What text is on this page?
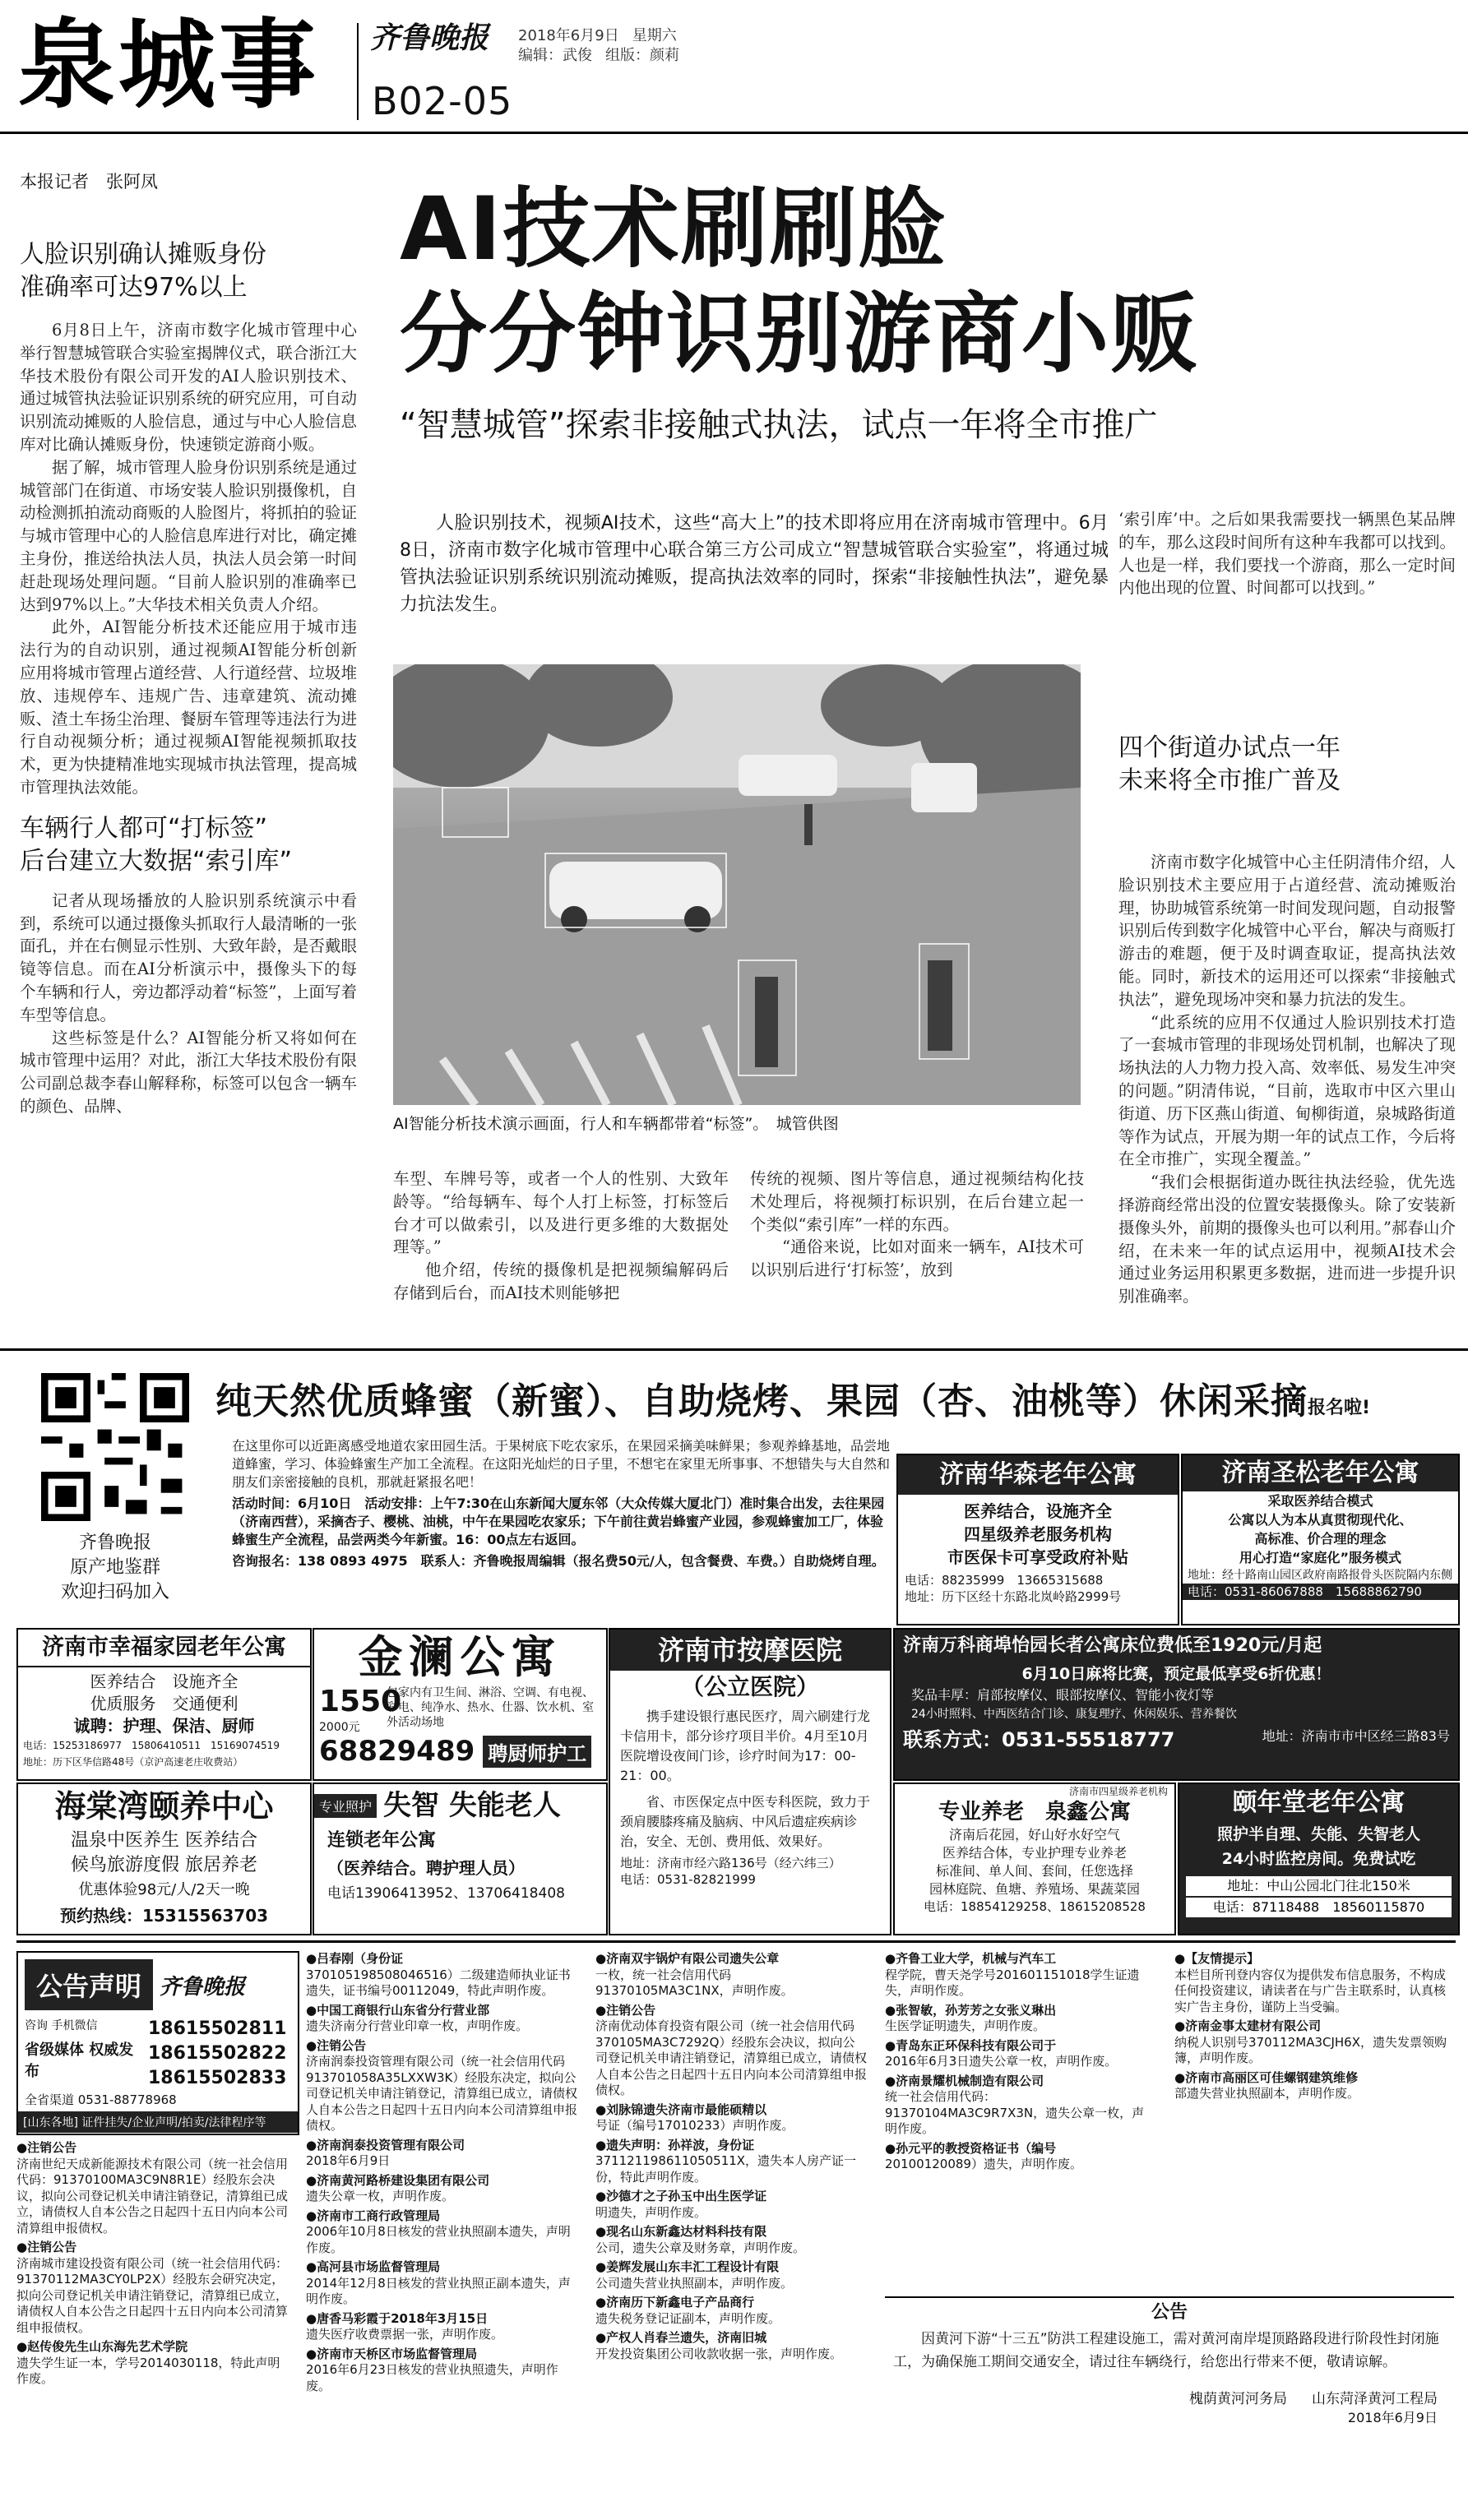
泉城事 齐鲁晚报 2018年6月9日 星期六
编辑：武俊 组版：颜莉
B02-05
本报记者　张阿凤
人脸识别确认摊贩身份
准确率可达97%以上

6月8日上午，济南市数字化城市管理中心举行智慧城管联合实验室揭牌仪式，联合浙江大华技术股份有限公司开发的AI人脸识别技术、通过城管执法验证识别系统的研究应用，可自动识别流动摊贩的人脸信息，通过与中心人脸信息库对比确认摊贩身份，快速锁定游商小贩。

据了解，城市管理人脸身份识别系统是通过城管部门在街道、市场安装人脸识别摄像机，自动检测抓拍流动商贩的人脸图片，将抓拍的验证与城市管理中心的人脸信息库进行对比，确定摊主身份，推送给执法人员，执法人员会第一时间赶赴现场处理问题。“目前人脸识别的准确率已达到97%以上。”大华技术相关负责人介绍。

此外，AI智能分析技术还能应用于城市违法行为的自动识别，通过视频AI智能分析创新应用将城市管理占道经营、人行道经营、垃圾堆放、违规停车、违规广告、违章建筑、流动摊贩、渣土车扬尘治理、餐厨车管理等违法行为进行自动视频分析；通过视频AI智能视频抓取技术，更为快捷精准地实现城市执法管理，提高城市管理执法效能。

车辆行人都可“打标签”
后台建立大数据“索引库”

记者从现场播放的人脸识别系统演示中看到，系统可以通过摄像头抓取行人最清晰的一张面孔，并在右侧显示性别、大致年龄，是否戴眼镜等信息。而在AI分析演示中，摄像头下的每个车辆和行人，旁边都浮动着“标签”，上面写着车型等信息。

这些标签是什么？AI智能分析又将如何在城市管理中运用？对此，浙江大华技术股份有限公司副总裁李春山解释称，标签可以包含一辆车的颜色、品牌、

AI技术刷刷脸
分分钟识别游商小贩
“智慧城管”探索非接触式执法，试点一年将全市推广
人脸识别技术，视频AI技术，这些“高大上”的技术即将应用在济南城市管理中。6月8日，济南市数字化城市管理中心联合第三方公司成立“智慧城管联合实验室”，将通过城管执法验证识别系统识别流动摊贩，提高执法效率的同时，探索“非接触性执法”，避免暴力抗法发生。
AI智能分析技术演示画面，行人和车辆都带着“标签”。　城管供图

车型、车牌号等，或者一个人的性别、大致年龄等。“给每辆车、每个人打上标签，打标签后台才可以做索引，以及进行更多维的大数据处理等。”

他介绍，传统的摄像机是把视频编解码后存储到后台，而AI技术则能够把

传统的视频、图片等信息，通过视频结构化技术处理后，将视频打标识别，在后台建立起一个类似“索引库”一样的东西。

“通俗来说，比如对面来一辆车，AI技术可以识别后进行‘打标签’，放到

‘索引库’中。之后如果我需要找一辆黑色某品牌的车，那么这段时间所有这种车我都可以找到。人也是一样，我们要找一个游商，那么一定时间内他出现的位置、时间都可以找到。”

四个街道办试点一年
未来将全市推广普及

济南市数字化城管中心主任阴清伟介绍，人脸识别技术主要应用于占道经营、流动摊贩治理，协助城管系统第一时间发现问题，自动报警识别后传到数字化城管中心平台，解决与商贩打游击的难题，便于及时调查取证，提高执法效能。同时，新技术的运用还可以探索“非接触式执法”，避免现场冲突和暴力抗法的发生。

“此系统的应用不仅通过人脸识别技术打造了一套城市管理的非现场处罚机制，也解决了现场执法的人力物力投入高、效率低、易发生冲突的问题。”阴清伟说，“目前，选取市中区六里山街道、历下区燕山街道、甸柳街道，泉城路街道等作为试点，开展为期一年的试点工作，今后将在全市推广，实现全覆盖。”

“我们会根据街道办既往执法经验，优先选择游商经常出没的位置安装摄像头。除了安装新摄像头外，前期的摄像头也可以利用。”郝春山介绍，在未来一年的试点运用中，视频AI技术会通过业务运用积累更多数据，进而进一步提升识别准确率。

齐鲁晚报
原产地鉴群
欢迎扫码加入
纯天然优质蜂蜜（新蜜）、自助烧烤、果园（杏、油桃等）休闲采摘报名啦!
在这里你可以近距离感受地道农家田园生活。于果树底下吃农家乐，在果园采摘美味鲜果；参观养蜂基地，品尝地道蜂蜜，学习、体验蜂蜜生产加工全流程。在这阳光灿烂的日子里，不想宅在家里无所事事、不想错失与大自然和朋友们亲密接触的良机，那就赶紧报名吧！
活动时间：6月10日　活动安排：上午7:30在山东新闻大厦东邻（大众传媒大厦北门）准时集合出发，去往果园（济南西营），采摘杏子、樱桃、油桃，中午在果园吃农家乐；下午前往黄岩蜂蜜产业园，参观蜂蜜加工厂，体验蜂蜜生产全流程，品尝两类今年新蜜。16：00点左右返回。
咨询报名：138 0893 4975　联系人：齐鲁晚报周编辑（报名费50元/人，包含餐费、车费。）自助烧烤自理。
济南华森老年公寓
医养结合，设施齐全
四星级养老服务机构
市医保卡可享受政府补贴
电话：88235999　13665315688
地址：历下区经十东路北岚岭路2999号
济南圣松老年公寓
采取医养结合模式
公寓以人为本从真贯彻现代化、
高标准、价合理的理念
用心打造“家庭化”服务模式
地址：经十路南山园区政府南路报骨头医院隔内东侧
电话：0531-86067888　15688862790
济南市幸福家园老年公寓
医养结合　设施齐全
优质服务　交通便利
诚聘：护理、保洁、厨师
电话：15253186977　15806410511　15169074519
地址：历下区华信路48号（京沪高速老庄收费站）
金澜公寓
1550
2000元
包家内有卫生间、淋浴、空调、有电视、彩电、纯净水、热水、仕器、饮水机、室外活动场地
68829489 聘厨师护工
济南市按摩医院
（公立医院）
携手建设银行惠民医疗，周六刷建行龙卡信用卡，部分诊疗项目半价。4月至10月医院增设夜间门诊，诊疗时间为17：00-21：00。
省、市医保定点中医专科医院，致力于颈肩腰膝疼痛及脑病、中风后遗症疾病诊治，安全、无创、费用低、效果好。
地址：济南市经六路136号（经六纬三）
电话：0531-82821999
济南万科商埠怡园长者公寓床位费低至1920元/月起
6月10日麻将比赛，预定最低享受6折优惠！
奖品丰厚：肩部按摩仪、眼部按摩仪、智能小夜灯等
24小时照料、中西医结合门诊、康复理疗、休闲娱乐、营养餐饮
联系方式：0531-55518777	地址：济南市市中区经三路83号
海棠湾颐养中心
温泉中医养生 医养结合
候鸟旅游度假 旅居养老
优惠体验98元/人/2天一晚
预约热线：15315563703
专业照护 失智 失能老人
连锁老年公寓
（医养结合。聘护理人员）
电话13906413952、13706418408
济南市四星级养老机构
专业养老　泉鑫公寓
济南后花园，好山好水好空气
医养结合体，专业护理专业养老
标准间、单人间、套间，任您选择
园林庭院、鱼塘、养殖场、果蔬菜园
电话：18854129258、18615208528
颐年堂老年公寓
照护半自理、失能、失智老人
24小时监控房间。免费试吃
地址：中山公园北门往北150米
电话：87118488　18560115870
公告声明 齐鲁晚报
咨询 手机微信
省级媒体 权威发布
18615502811
18615502822
18615502833
全省渠道 0531-88778968
[山东各地] 证件挂失/企业声明/拍卖/法律程序等
●注销公告
济南世纪天成新能源技术有限公司（统一社会信用代码：91370100MA3C9N8R1E）经股东会决议，拟向公司登记机关申请注销登记，清算组已成立，请债权人自本公告之日起四十五日内向本公司清算组申报债权。
●注销公告
济南城市建设投资有限公司（统一社会信用代码：91370112MA3CY0LP2X）经股东会研究决定，拟向公司登记机关申请注销登记，清算组已成立，请债权人自本公告之日起四十五日内向本公司清算组申报债权。
●赵传俊先生山东海先艺术学院
遗失学生证一本，学号2014030118，特此声明作废。
●吕春刚（身份证
370105198508046516）二级建造师执业证书遗失，证书编号00112049，特此声明作废。
●中国工商银行山东省分行营业部
遗失济南分行营业印章一枚，声明作废。
●注销公告
济南润泰投资管理有限公司（统一社会信用代码913701058A35LXXW3K）经股东决定，拟向公司登记机关申请注销登记，清算组已成立，请债权人自本公告之日起四十五日内向本公司清算组申报债权。
●济南润泰投资管理有限公司
2018年6月9日
●济南黄河路桥建设集团有限公司
遗失公章一枚，声明作废。
●济南市工商行政管理局
2006年10月8日核发的营业执照副本遗失，声明作废。
●高河县市场监督管理局
2014年12月8日核发的营业执照正副本遗失，声明作废。
●唐香马彩霞于2018年3月15日
遗失医疗收费票据一张，声明作废。
●济南市天桥区市场监督管理局
2016年6月23日核发的营业执照遗失，声明作废。
●济南双宇锅炉有限公司遗失公章
一枚，统一社会信用代码91370105MA3C1NX，声明作废。
●注销公告
济南优动体育投资有限公司（统一社会信用代码370105MA3C7292Q）经股东会决议，拟向公司登记机关申请注销登记，清算组已成立，请债权人自本公告之日起四十五日内向本公司清算组申报债权。
●刘脉锦遗失济南市最能硕精以
号证（编号17010233）声明作废。
●遗失声明：孙祥波，身份证
371121198611050511X，遗失本人房产证一份，特此声明作废。
●沙德才之子孙玉中出生医学证
明遗失，声明作废。
●现名山东新鑫达材料科技有限
公司，遗失公章及财务章，声明作废。
●姜辉发展山东丰汇工程设计有限
公司遗失营业执照副本，声明作废。
●济南历下新鑫电子产品商行
遗失税务登记证副本，声明作废。
●产权人肖春兰遗失，济南旧城
开发投资集团公司收款收据一张，声明作废。
●齐鲁工业大学，机械与汽车工
程学院，曹天尧学号201601151018学生证遗失，声明作废。
●张智敏，孙芳芳之女张义琳出
生医学证明遗失，声明作废。
●青岛东正环保科技有限公司于
2016年6月3日遗失公章一枚，声明作废。
●济南景耀机械制造有限公司
统一社会信用代码：91370104MA3C9R7X3N，遗失公章一枚，声明作废。
●孙元平的教授资格证书（编号
20100120089）遗失，声明作废。
●【友情提示】
本栏目所刊登内容仅为提供发布信息服务，不构成任何投资建议，请读者在与广告主联系时，认真核实广告主身份，谨防上当受骗。
●济南金事太建材有限公司
纳税人识别号370112MA3CJH6X，遗失发票领购簿，声明作废。
●济南市高丽区可佳螺钢建筑维修
部遗失营业执照副本，声明作废。
公告
因黄河下游“十三五”防洪工程建设施工，需对黄河南岸堤顶路路段进行阶段性封闭施工，为确保施工期间交通安全，请过往车辆绕行，给您出行带来不便，敬请谅解。
槐荫黄河河务局 山东菏泽黄河工程局
2018年6月9日
